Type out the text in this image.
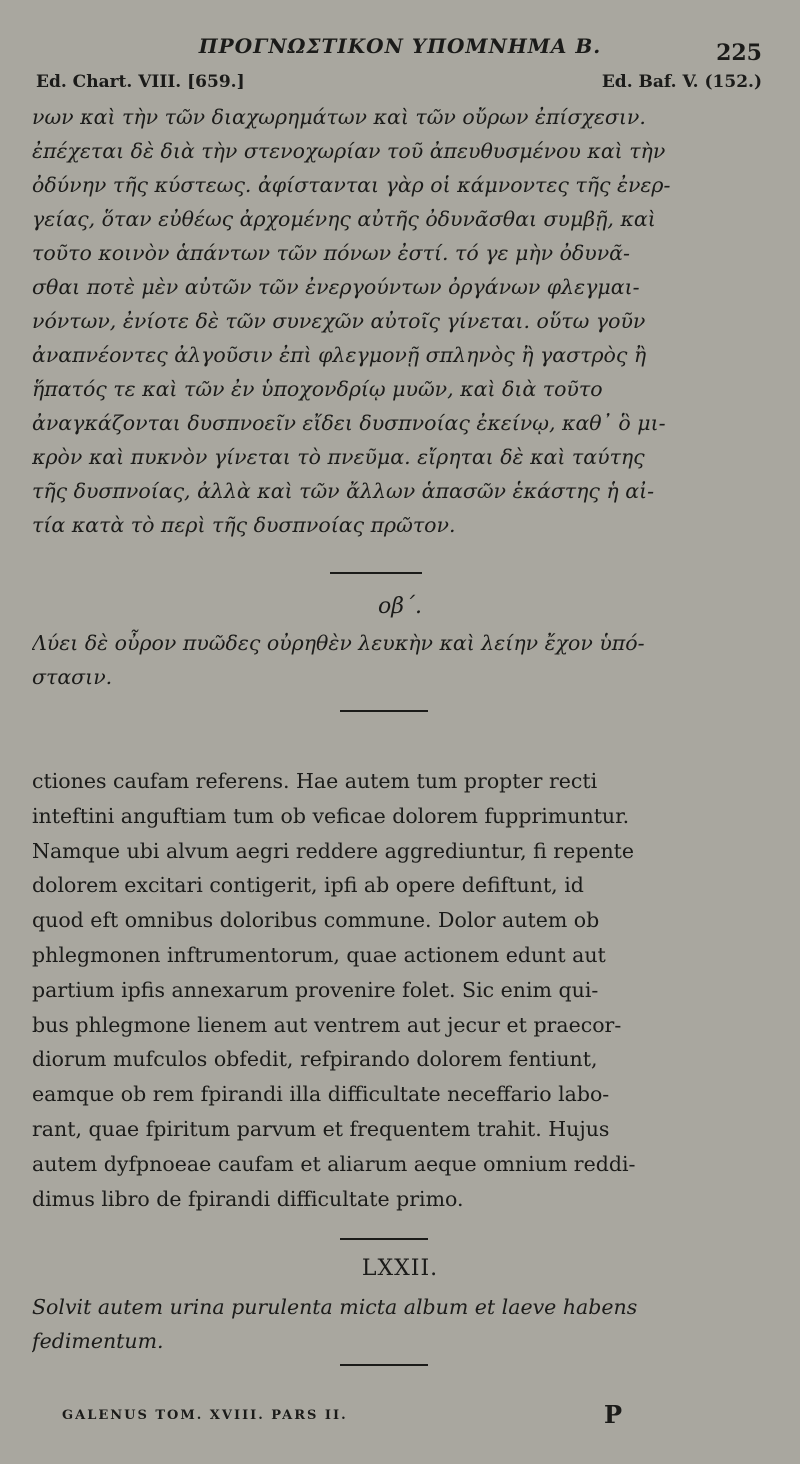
ΠΡΟΓΝΩΣΤΙΚΟΝ ΥΠΟΜΝΗΜΑ Β.	225
Ed. Chart. VIII. [659.]	Ed. Baf. V. (152.)
νων καὶ τὴν τῶν διαχωρημάτων καὶ τῶν οὔρων ἐπίσχεσιν.
ἐπέχεται δὲ διὰ τὴν στενοχωρίαν τοῦ ἀπευθυσμένου καὶ τὴν
ὀδύνην τῆς κύστεως. ἀφίστανται γὰρ οἱ κάμνοντες τῆς ἐνερ-
γείας, ὅταν εὐθέως ἀρχομένης αὐτῆς ὀδυνᾶσθαι συμβῇ, καὶ
τοῦτο κοινὸν ἁπάντων τῶν πόνων ἐστί. τό γε μὴν ὀδυνᾶ-
σθαι ποτὲ μὲν αὐτῶν τῶν ἐνεργούντων ὀργάνων φλεγμαι-
νόντων, ἐνίοτε δὲ τῶν συνεχῶν αὐτοῖς γίνεται. οὕτω γοῦν
ἀναπνέοντες ἀλγοῦσιν ἐπὶ φλεγμονῇ σπληνὸς ἢ γαστρὸς ἢ
ἥπατός τε καὶ τῶν ἐν ὑποχονδρίῳ μυῶν, καὶ διὰ τοῦτο
ἀναγκάζονται δυσπνοεῖν εἴδει δυσπνοίας ἐκείνῳ, καθ᾽ ὃ μι-
κρὸν καὶ πυκνὸν γίνεται τὸ πνεῦμα. εἴρηται δὲ καὶ ταύτης
τῆς δυσπνοίας, ἀλλὰ καὶ τῶν ἄλλων ἁπασῶν ἑκάστης ἡ αἰ-
τία κατὰ τὸ περὶ τῆς δυσπνοίας πρῶτον.
οβ΄.
Λύει δὲ οὖρον πυῶδες οὐρηθὲν λευκὴν καὶ λείην ἔχον ὑπό-
στασιν.
ctiones caufam referens. Hae autem tum propter recti
inteftini anguftiam tum ob veficae dolorem fupprimuntur.
Namque ubi alvum aegri reddere aggrediuntur, fi repente
dolorem excitari contigerit, ipfi ab opere defiftunt, id
quod eft omnibus doloribus commune. Dolor autem ob
phlegmonen inftrumentorum, quae actionem edunt aut
partium ipfis annexarum provenire folet. Sic enim qui-
bus phlegmone lienem aut ventrem aut jecur et praecor-
diorum mufculos obfedit, refpirando dolorem fentiunt,
eamque ob rem fpirandi illa difficultate neceffario labo-
rant, quae fpiritum parvum et frequentem trahit. Hujus
autem dyfpnoeae caufam et aliarum aeque omnium reddi-
dimus libro de fpirandi difficultate primo.
LXXII.
Solvit autem urina purulenta micta album et laeve habens
fedimentum.
GALENUS TOM. XVIII. PARS II.	P
